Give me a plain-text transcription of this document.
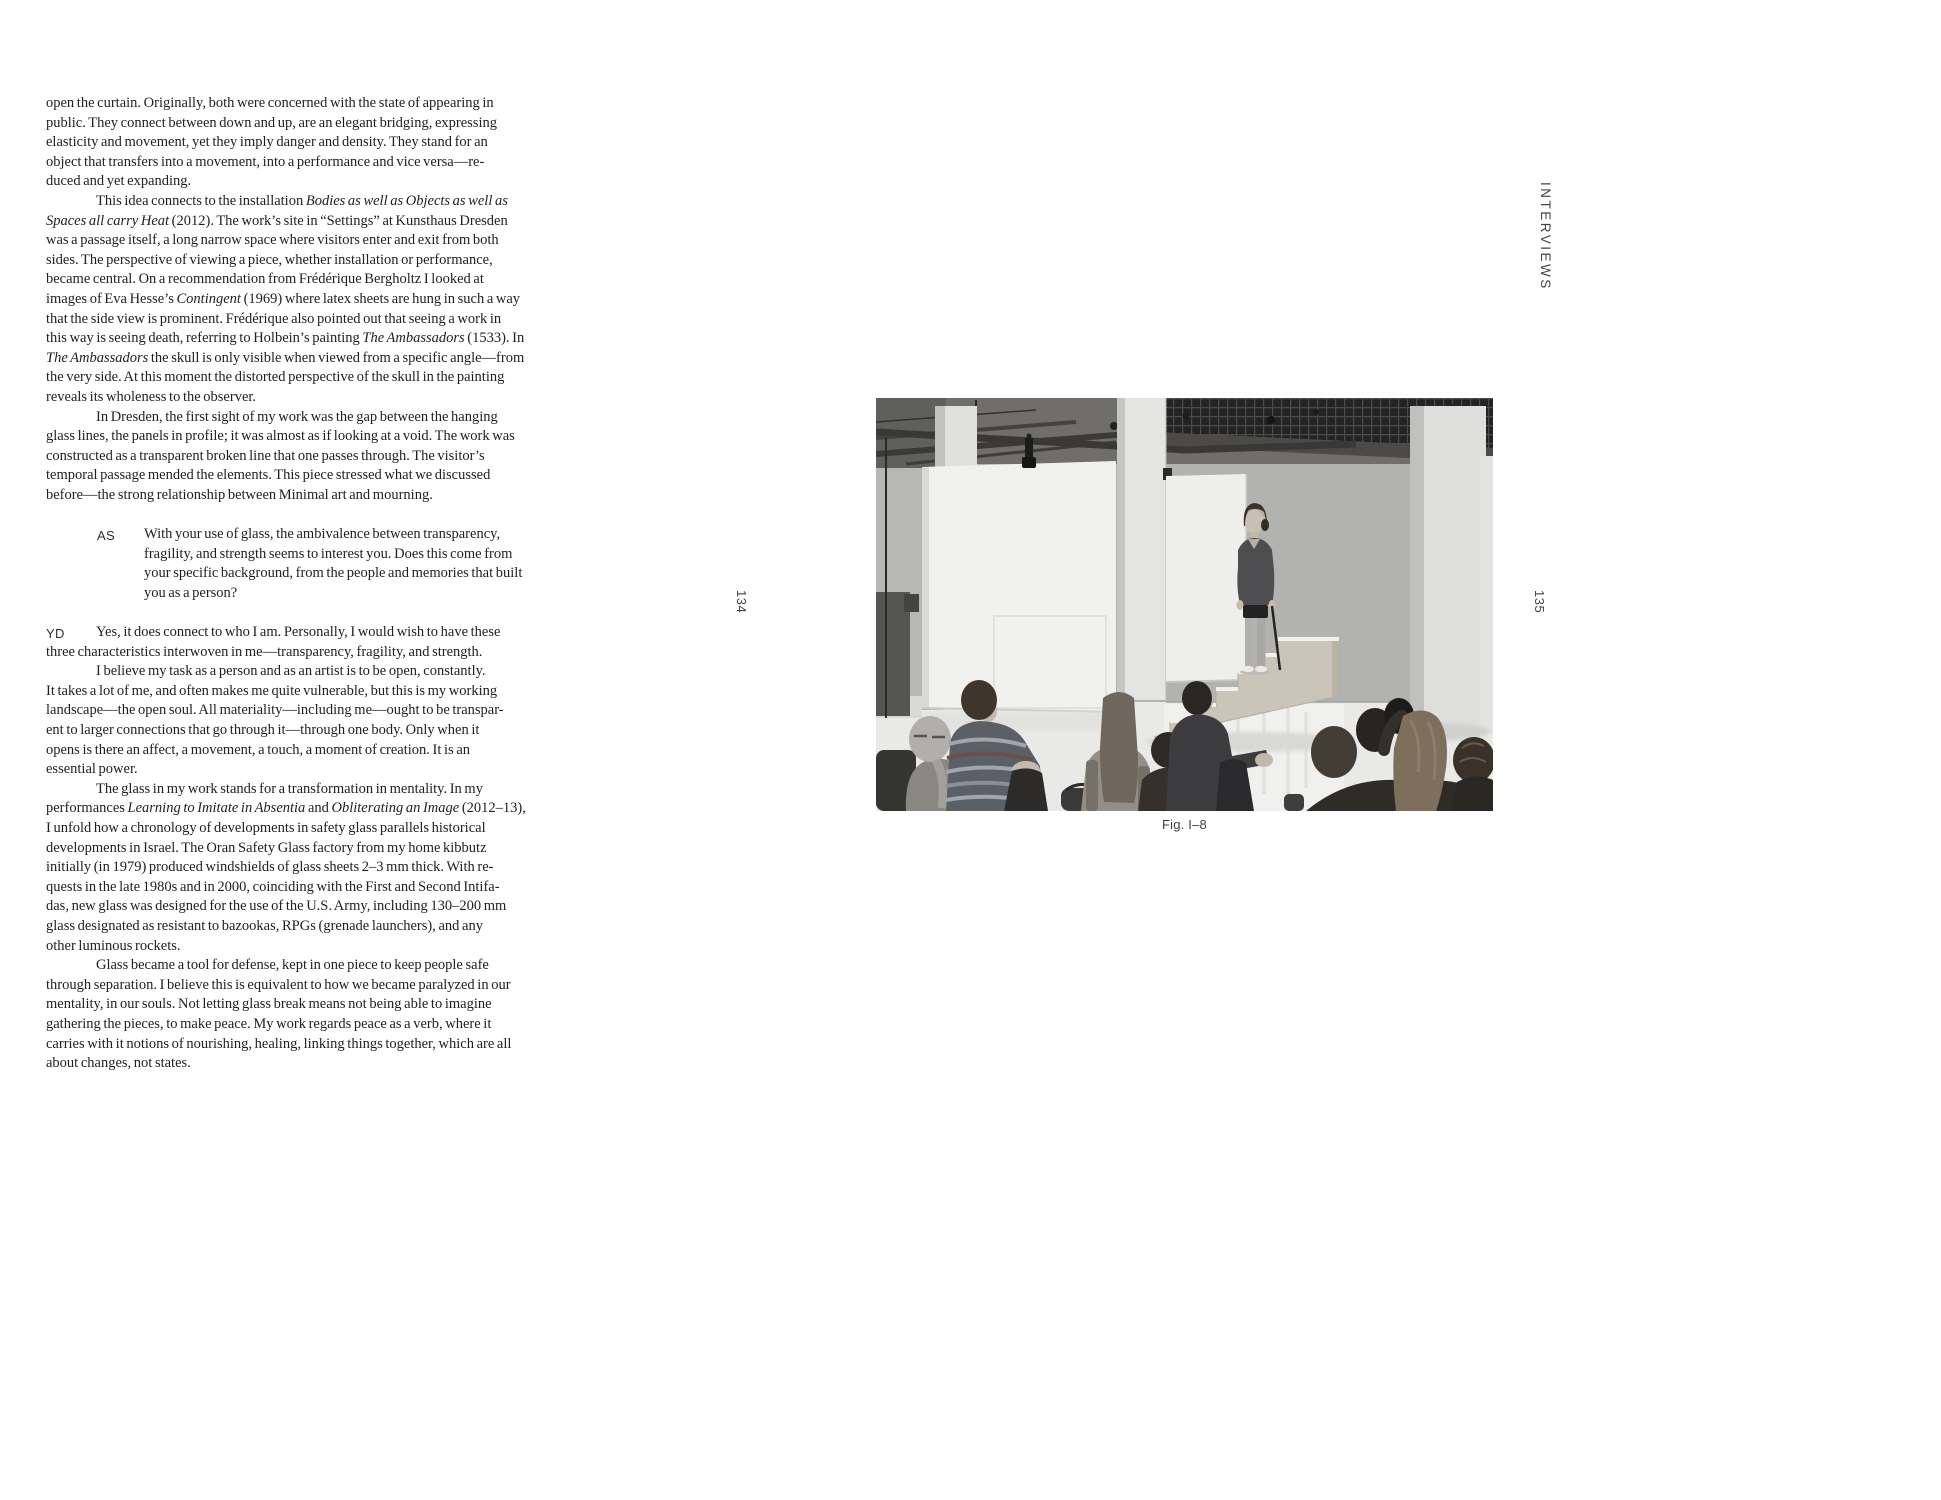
open the curtain. Originally, both were concerned with the state of appearing in
public. They connect between down and up, are an elegant bridging, expressing
elasticity and movement, yet they imply danger and density. They stand for an
object that transfers into a movement, into a performance and vice versa—re-
duced and yet expanding.
This idea connects to the installation Bodies as well as Objects as well as
Spaces all carry Heat (2012). The work’s site in “Settings” at Kunsthaus Dresden
was a passage itself, a long narrow space where visitors enter and exit from both
sides. The perspective of viewing a piece, whether installation or performance,
became central. On a recommendation from Frédérique Bergholtz I looked at
images of Eva Hesse’s Contingent (1969) where latex sheets are hung in such a way
that the side view is prominent. Frédérique also pointed out that seeing a work in
this way is seeing death, referring to Holbein’s painting The Ambassadors (1533). In
The Ambassadors the skull is only visible when viewed from a specific angle—from
the very side. At this moment the distorted perspective of the skull in the painting
reveals its wholeness to the observer.
In Dresden, the first sight of my work was the gap between the hanging
glass lines, the panels in profile; it was almost as if looking at a void. The work was
constructed as a transparent broken line that one passes through. The visitor’s
temporal passage mended the elements. This piece stressed what we discussed
before—the strong relationship between Minimal art and mourning.
AS	With your use of glass, the ambivalence between transparency,
fragility, and strength seems to interest you. Does this come from
your specific background, from the people and memories that built
you as a person?
YD	Yes, it does connect to who I am. Personally, I would wish to have these
three characteristics interwoven in me—transparency, fragility, and strength.
I believe my task as a person and as an artist is to be open, constantly.
It takes a lot of me, and often makes me quite vulnerable, but this is my working
landscape—the open soul. All materiality—including me—ought to be transpar-
ent to larger connections that go through it—through one body. Only when it
opens is there an affect, a movement, a touch, a moment of creation. It is an
essential power.
The glass in my work stands for a transformation in mentality. In my
performances Learning to Imitate in Absentia and Obliterating an Image (2012–13),
I unfold how a chronology of developments in safety glass parallels historical
developments in Israel. The Oran Safety Glass factory from my home kibbutz
initially (in 1979) produced windshields of glass sheets 2–3 mm thick. With re-
quests in the late 1980s and in 2000, coinciding with the First and Second Intifa-
das, new glass was designed for the use of the U.S. Army, including 130–200 mm
glass designated as resistant to bazookas, RPGs (grenade launchers), and any
other luminous rockets.
Glass became a tool for defense, kept in one piece to keep people safe
through separation. I believe this is equivalent to how we became paralyzed in our
mentality, in our souls. Not letting glass break means not being able to imagine
gathering the pieces, to make peace. My work regards peace as a verb, where it
carries with it notions of nourishing, healing, linking things together, which are all
about changes, not states.
134	135
INTERVIEWS
Fig. I–8
